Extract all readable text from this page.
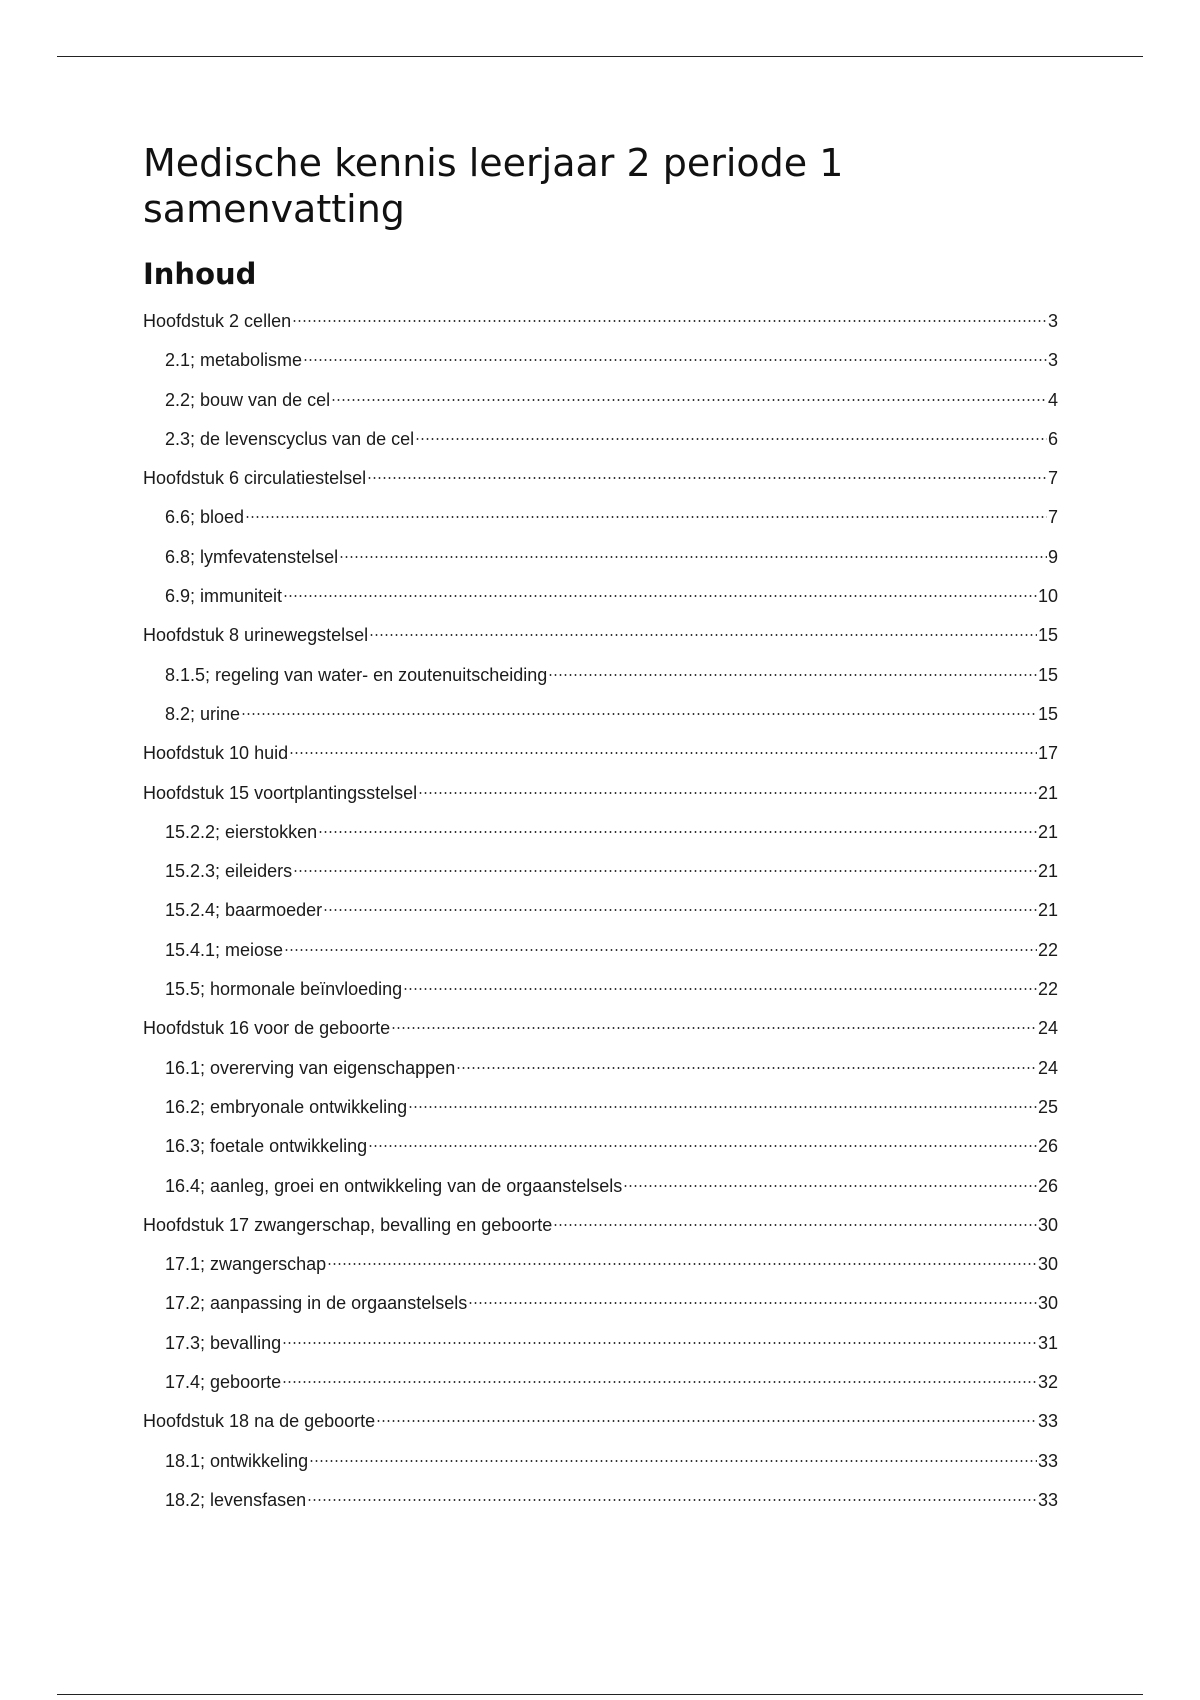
Medische kennis leerjaar 2 periode 1 samenvatting
Inhoud
Hoofdstuk 2 cellen	3
2.1; metabolisme	3
2.2; bouw van de cel	4
2.3; de levenscyclus van de cel	6
Hoofdstuk 6 circulatiestelsel	7
6.6; bloed	7
6.8; lymfevatenstelsel	9
6.9; immuniteit	10
Hoofdstuk 8 urinewegstelsel	15
8.1.5; regeling van water- en zoutenuitscheiding	15
8.2; urine	15
Hoofdstuk 10 huid	17
Hoofdstuk 15 voortplantingsstelsel	21
15.2.2; eierstokken	21
15.2.3; eileiders	21
15.2.4; baarmoeder	21
15.4.1; meiose	22
15.5; hormonale beïnvloeding	22
Hoofdstuk 16 voor de geboorte	24
16.1; overerving van eigenschappen	24
16.2; embryonale ontwikkeling	25
16.3; foetale ontwikkeling	26
16.4; aanleg, groei en ontwikkeling van de orgaanstelsels	26
Hoofdstuk 17 zwangerschap, bevalling en geboorte	30
17.1; zwangerschap	30
17.2; aanpassing in de orgaanstelsels	30
17.3; bevalling	31
17.4; geboorte	32
Hoofdstuk 18 na de geboorte	33
18.1; ontwikkeling	33
18.2; levensfasen	33
